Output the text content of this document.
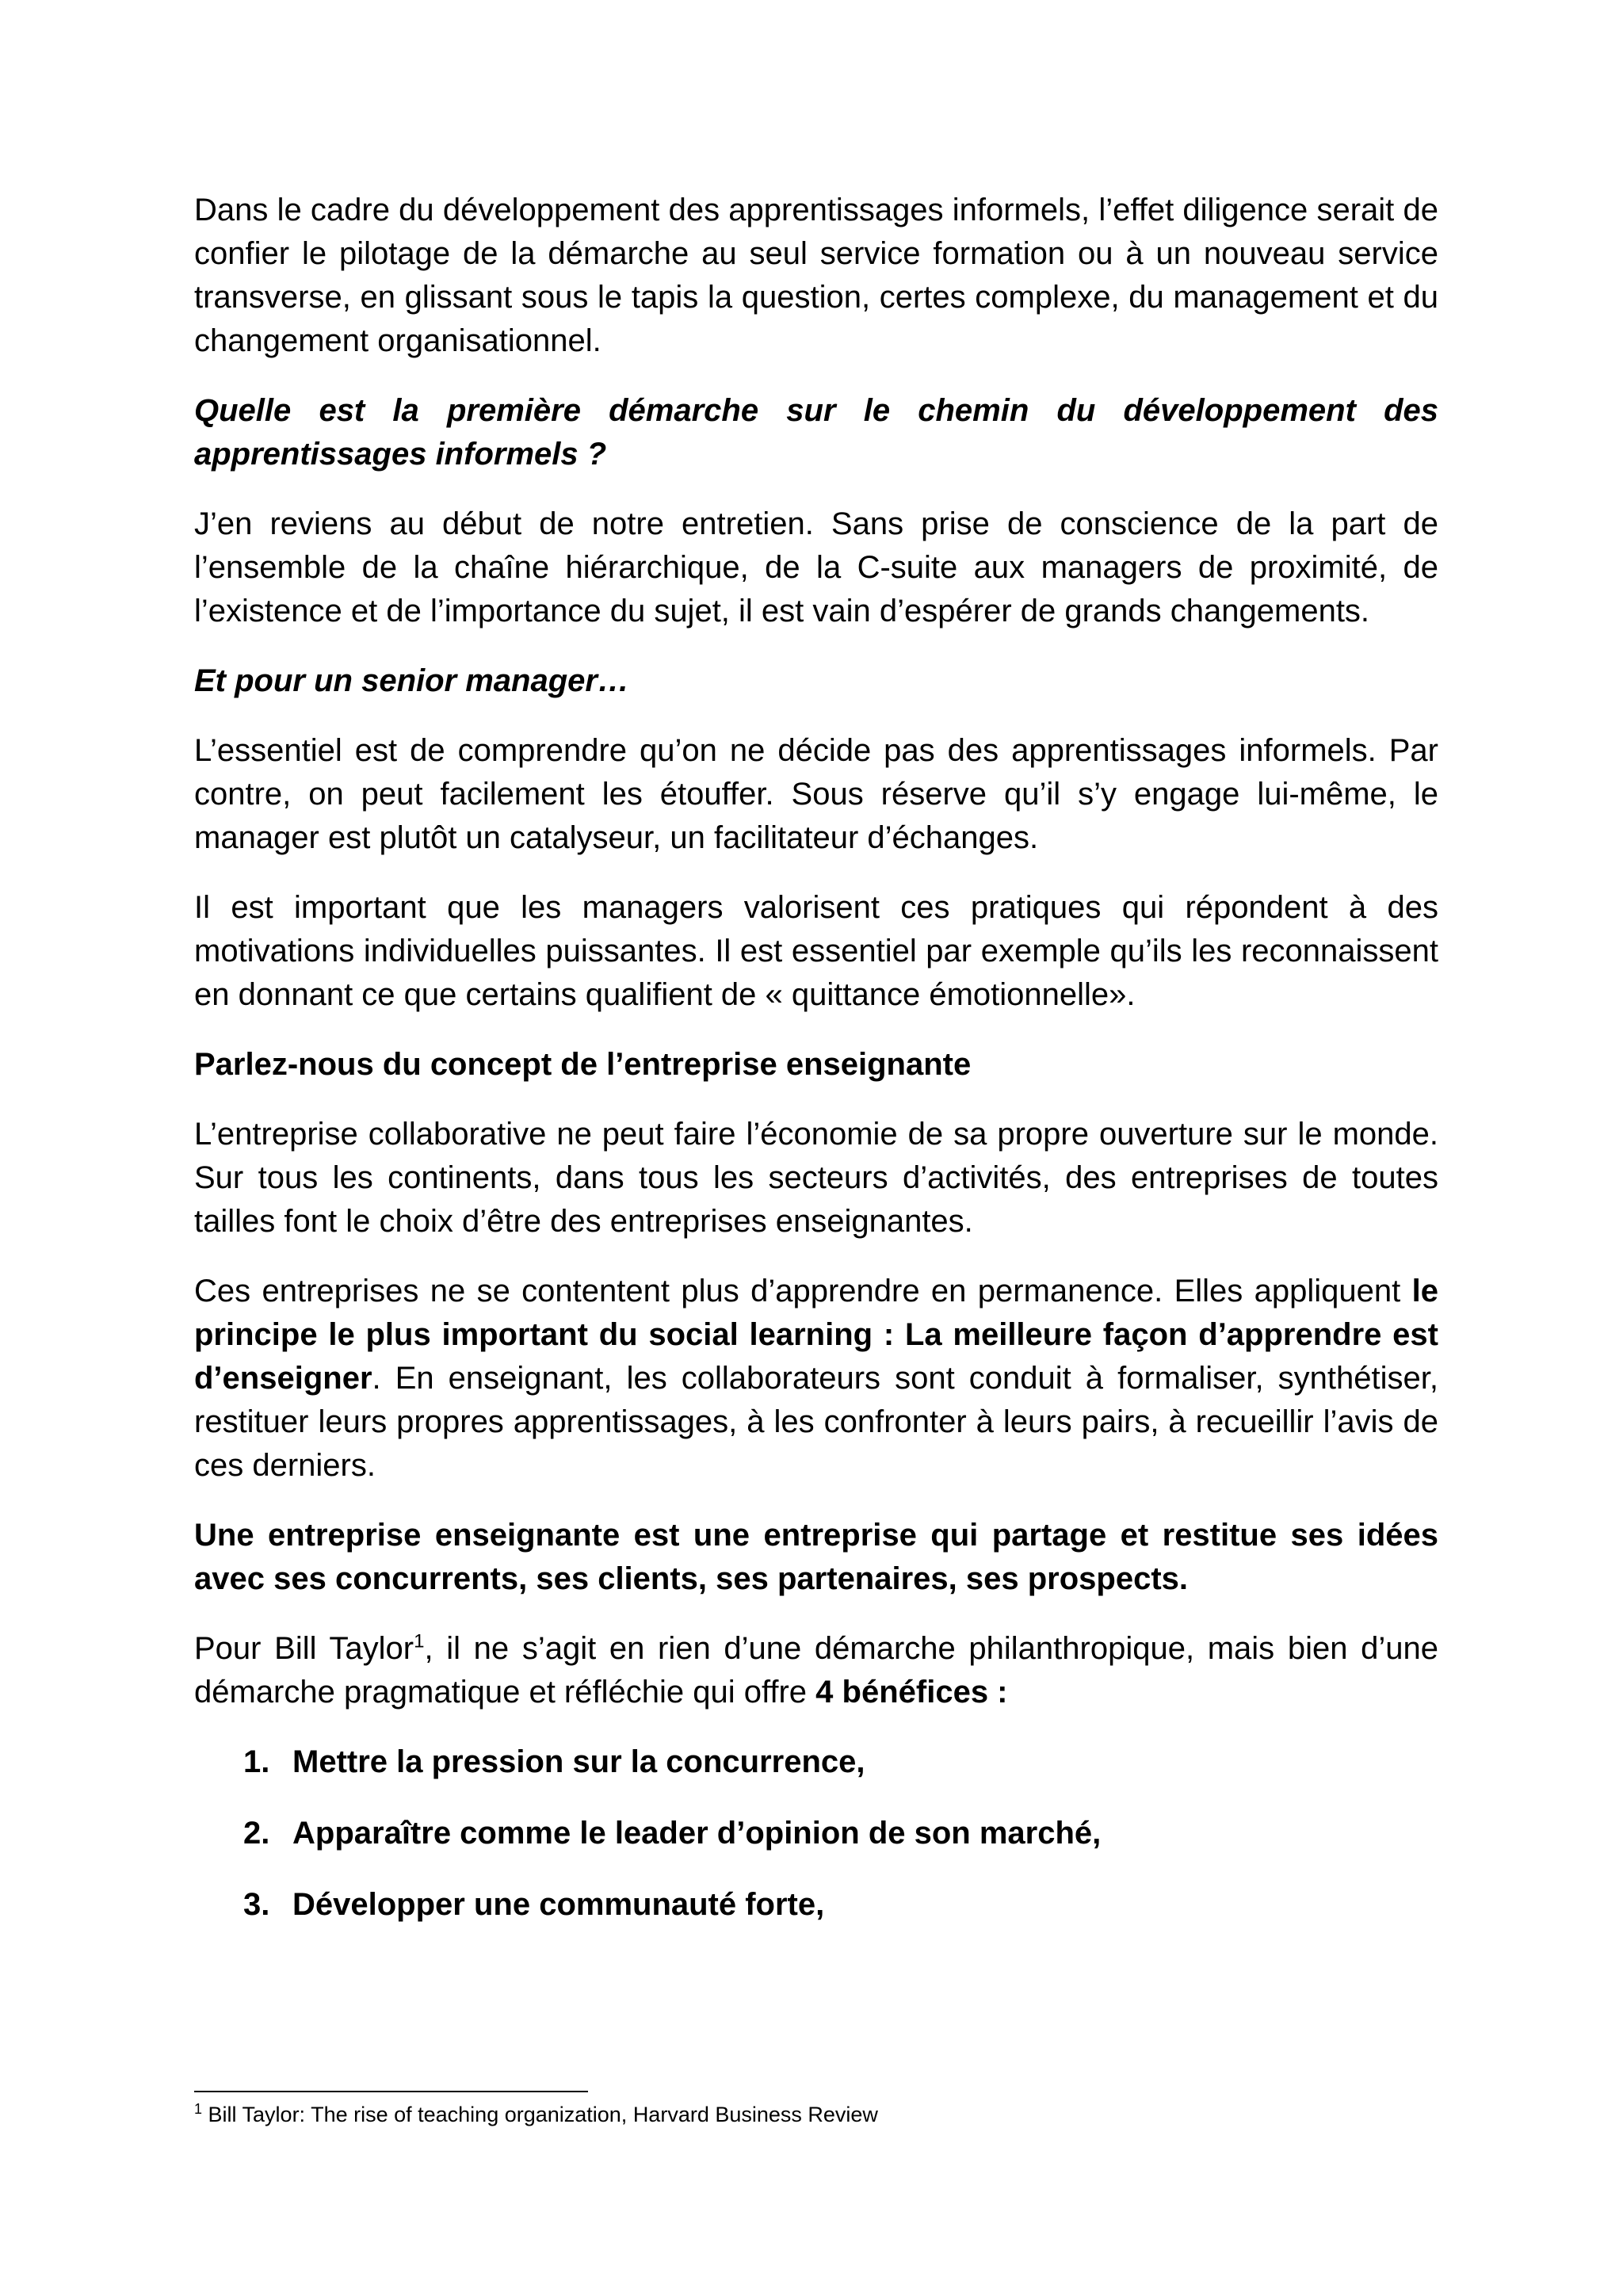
Dans le cadre du développement des apprentissages informels, l’effet diligence serait de confier le pilotage de la démarche au seul service formation ou à un nouveau service transverse, en glissant sous le tapis la question, certes complexe, du management et du changement organisationnel.

Quelle est la première démarche sur le chemin du développement des apprentissages informels ?

J’en reviens au début de notre entretien. Sans prise de conscience de la part de l’ensemble de la chaîne hiérarchique, de la C-suite aux managers de proximité, de l’existence et de l’importance du sujet, il est vain d’espérer de grands changements.

Et pour un senior manager…

L’essentiel est de comprendre qu’on ne décide pas des apprentissages informels. Par contre, on peut facilement les étouffer. Sous réserve qu’il s’y engage lui-même, le manager est plutôt un catalyseur, un facilitateur d’échanges.

Il est important que les managers valorisent ces pratiques qui répondent à des motivations individuelles puissantes. Il est essentiel par exemple qu’ils les reconnaissent en donnant ce que certains qualifient de « quittance émotionnelle».

Parlez-nous du concept de l’entreprise enseignante

L’entreprise collaborative ne peut faire l’économie de sa propre ouverture sur le monde. Sur tous les continents, dans tous les secteurs d’activités, des entreprises de toutes tailles font le choix d’être des entreprises enseignantes.

Ces entreprises ne se contentent plus d’apprendre en permanence. Elles appliquent le principe le plus important du social learning : La meilleure façon d’apprendre est d’enseigner. En enseignant, les collaborateurs sont conduit à formaliser, synthétiser, restituer leurs propres apprentissages, à les confronter à leurs pairs, à recueillir l’avis de ces derniers.

Une entreprise enseignante est une entreprise qui partage et restitue ses idées avec ses concurrents, ses clients, ses partenaires, ses prospects.

Pour Bill Taylor$^1$, il ne s’agit en rien d’une démarche philanthropique, mais bien d’une démarche pragmatique et réfléchie qui offre 4 bénéfices :

1. Mettre la pression sur la concurrence,
2. Apparaître comme le leader d’opinion de son marché,
3. Développer une communauté forte,
$^1$ Bill Taylor: The rise of teaching organization, Harvard Business Review
